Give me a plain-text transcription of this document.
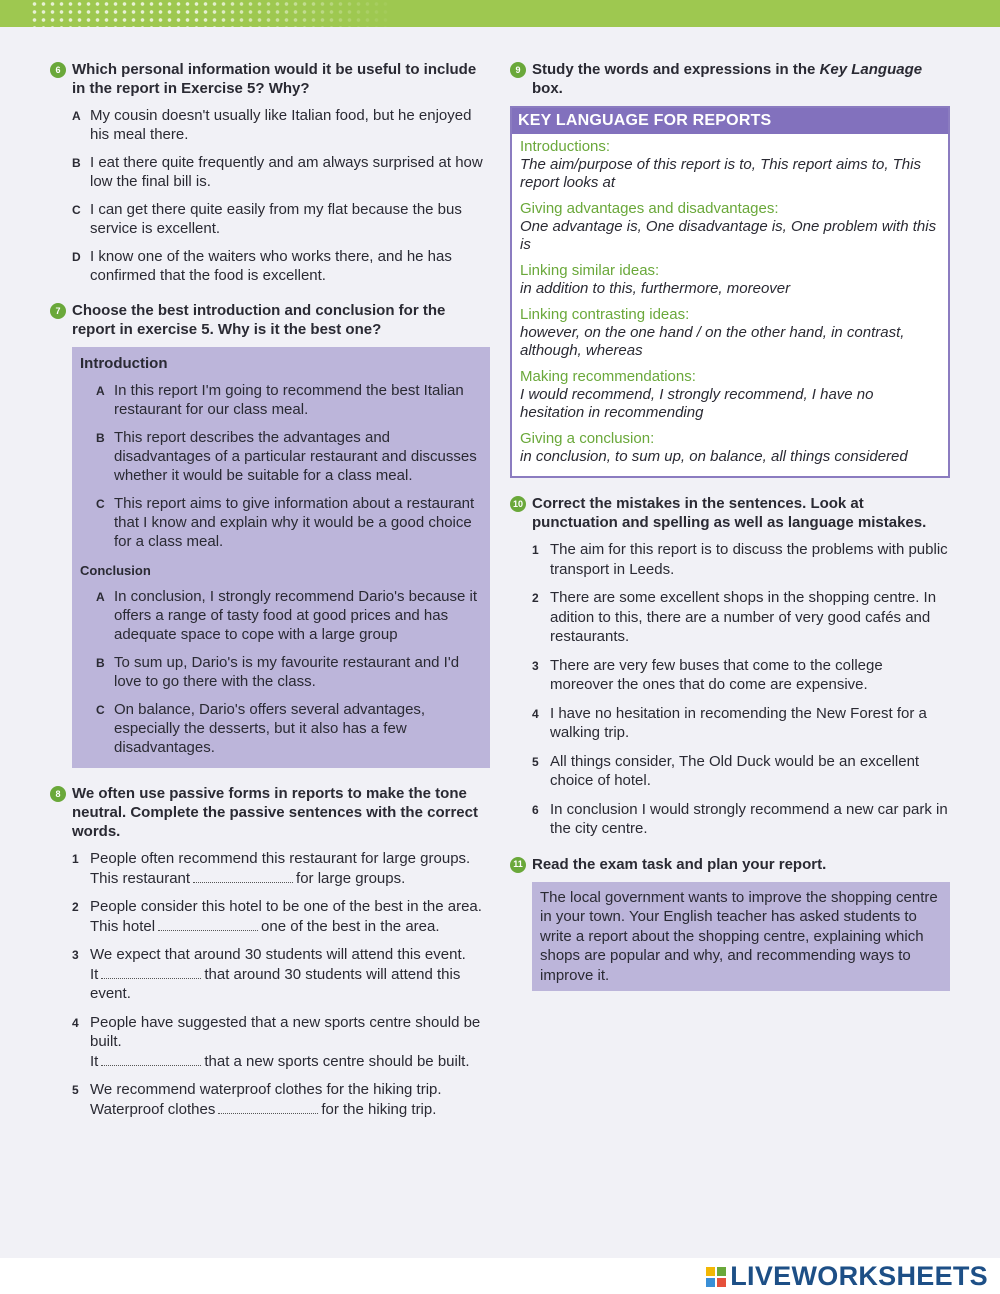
6 Which personal information would it be useful to include in the report in Exercise 5? Why?
A My cousin doesn't usually like Italian food, but he enjoyed his meal there.
B I eat there quite frequently and am always surprised at how low the final bill is.
C I can get there quite easily from my flat because the bus service is excellent.
D I know one of the waiters who works there, and he has confirmed that the food is excellent.
7 Choose the best introduction and conclusion for the report in exercise 5. Why is it the best one?
Introduction
A In this report I'm going to recommend the best Italian restaurant for our class meal.
B This report describes the advantages and disadvantages of a particular restaurant and discusses whether it would be suitable for a class meal.
C This report aims to give information about a restaurant that I know and explain why it would be a good choice for a class meal.
Conclusion
A In conclusion, I strongly recommend Dario's because it offers a range of tasty food at good prices and has adequate space to cope with a large group
B To sum up, Dario's is my favourite restaurant and I'd love to go there with the class.
C On balance, Dario's offers several advantages, especially the desserts, but it also has a few disadvantages.
8 We often use passive forms in reports to make the tone neutral. Complete the passive sentences with the correct words.
1 People often recommend this restaurant for large groups.
This restaurant	for large groups.
2 People consider this hotel to be one of the best in the area.
This hotel	one of the best in the area.
3 We expect that around 30 students will attend this event.
It	that around 30 students will attend this event.
4 People have suggested that a new sports centre should be built.
It	that a new sports centre should be built.
5 We recommend waterproof clothes for the hiking trip.
Waterproof clothes	for the hiking trip.
9 Study the words and expressions in the Key Language box.
KEY LANGUAGE FOR REPORTS
Introductions:
The aim/purpose of this report is to, This report aims to, This report looks at
Giving advantages and disadvantages:
One advantage is, One disadvantage is, One problem with this is
Linking similar ideas:
in addition to this, furthermore, moreover
Linking contrasting ideas:
however, on the one hand / on the other hand, in contrast, although, whereas
Making recommendations:
I would recommend, I strongly recommend, I have no hesitation in recommending
Giving a conclusion:
in conclusion, to sum up, on balance, all things considered
10 Correct the mistakes in the sentences. Look at punctuation and spelling as well as language mistakes.
1 The aim for this report is to discuss the problems with public transport in Leeds.
2 There are some excellent shops in the shopping centre. In adition to this, there are a number of very good cafés and restaurants.
3 There are very few buses that come to the college moreover the ones that do come are expensive.
4 I have no hesitation in recomending the New Forest for a walking trip.
5 All things consider, The Old Duck would be an excellent choice of hotel.
6 In conclusion I would strongly recommend a new car park in the city centre.
11 Read the exam task and plan your report.
The local government wants to improve the shopping centre in your town. Your English teacher has asked students to write a report about the shopping centre, explaining which shops are popular and why, and recommending ways to improve it.
LIVEWORKSHEETS
